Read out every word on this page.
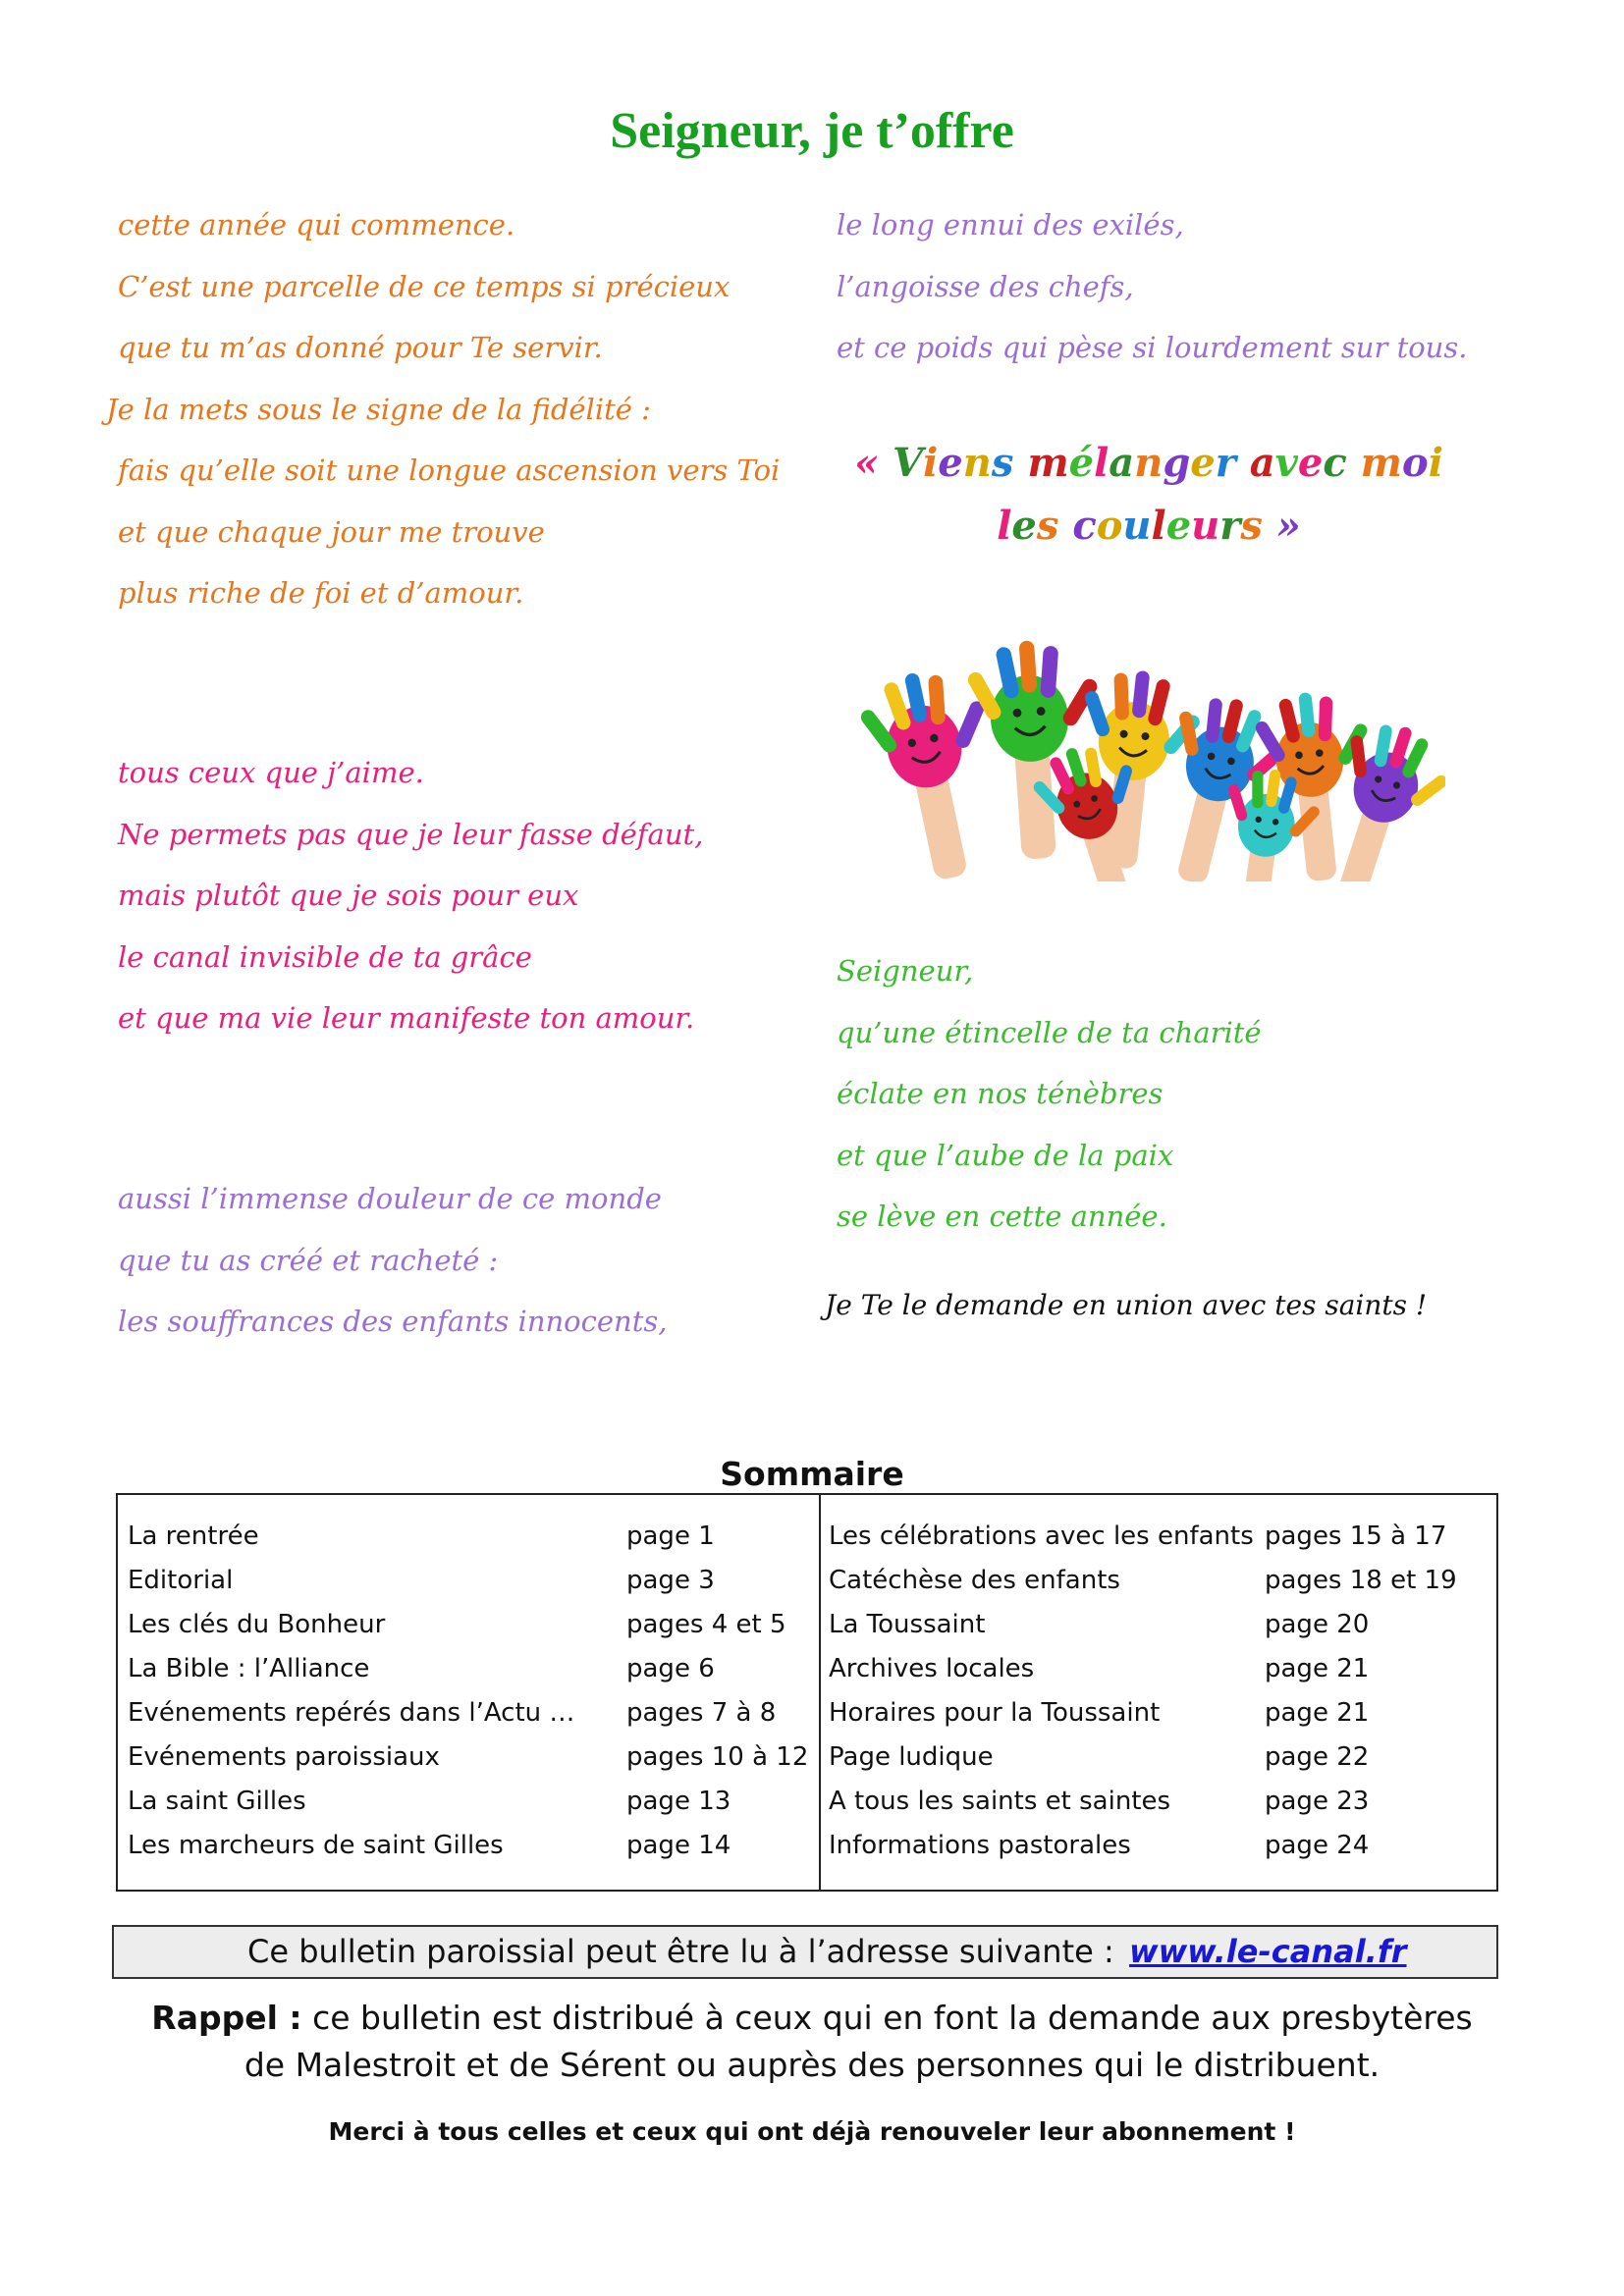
Seigneur, je t’offre
cette année qui commence.
C’est une parcelle de ce temps si précieux
que tu m’as donné pour Te servir.
Je la mets sous le signe de la fidélité :
fais qu’elle soit une longue ascension vers Toi
et que chaque jour me trouve
plus riche de foi et d’amour.
tous ceux que j’aime.
Ne permets pas que je leur fasse défaut,
mais plutôt que je sois pour eux
le canal invisible de ta grâce
et que ma vie leur manifeste ton amour.
aussi l’immense douleur de ce monde
que tu as créé et racheté :
les souffrances des enfants innocents,
le long ennui des exilés,
l’angoisse des chefs,
et ce poids qui pèse si lourdement sur tous.
« Viens mélanger avec moi
les couleurs »
Seigneur,
qu’une étincelle de ta charité
éclate en nos ténèbres
et que l’aube de la paix
se lève en cette année.
Je Te le demande en union avec tes saints !
Sommaire
La rentrée	page 1
Editorial	page 3
Les clés du Bonheur	pages 4 et 5
La Bible : l’Alliance	page 6
Evénements repérés dans l’Actu … pages 7 à 8
Evénements paroissiaux	pages 10 à 12
La saint Gilles	page 13
Les marcheurs de saint Gilles	page 14
Les célébrations avec les enfants pages 15 à 17
Catéchèse des enfants	pages 18 et 19
La Toussaint	page 20
Archives locales	page 21
Horaires pour la Toussaint	page 21
Page ludique	page 22
A tous les saints et saintes	page 23
Informations pastorales	page 24
Ce bulletin paroissial peut être lu à l’adresse suivante : www.le-canal.fr
Rappel : ce bulletin est distribué à ceux qui en font la demande aux presbytères
de Malestroit et de Sérent ou auprès des personnes qui le distribuent.
Merci à tous celles et ceux qui ont déjà renouveler leur abonnement !
